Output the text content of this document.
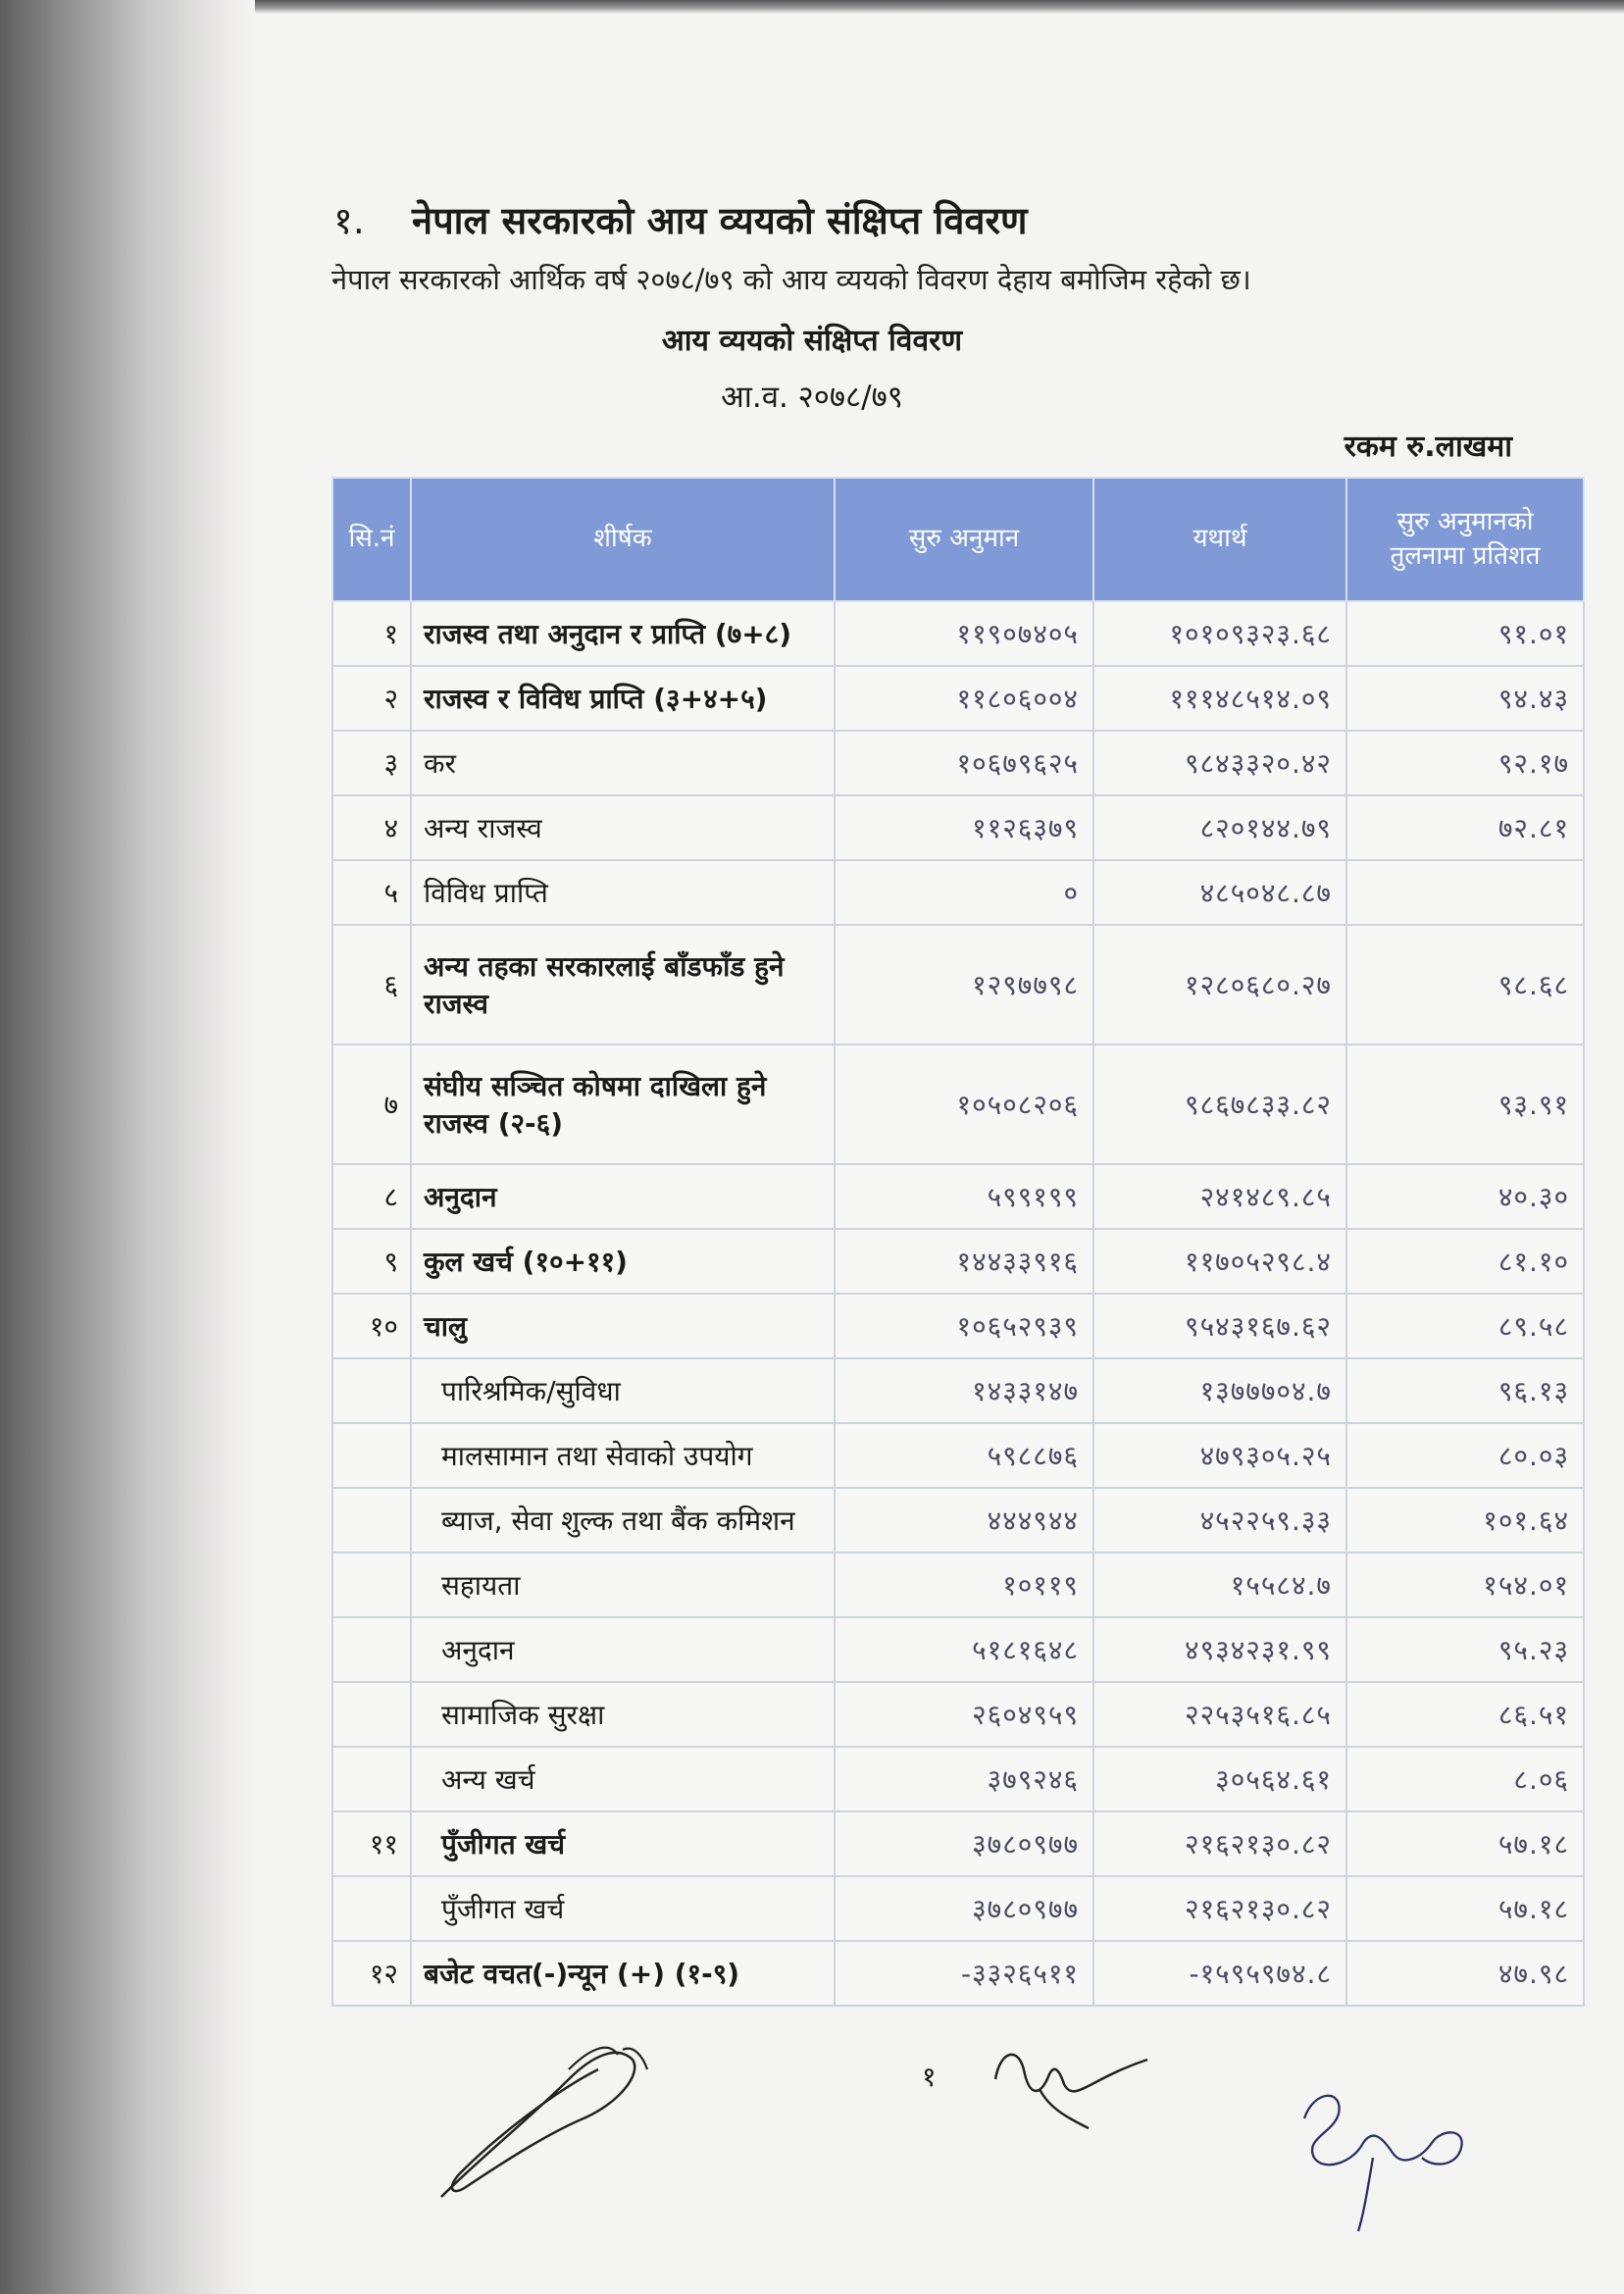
१. नेपाल सरकारको आय व्ययको संक्षिप्त विवरण
नेपाल सरकारको आर्थिक वर्ष २०७८/७९ को आय व्ययको विवरण देहाय बमोजिम रहेको छ।
आय व्ययको संक्षिप्त विवरण
आ.व. २०७८/७९
रकम रु.लाखमा
सि.नं	शीर्षक	सुरु अनुमान	यथार्थ	सुरु अनुमानको
तुलनामा प्रतिशत
१	राजस्व तथा अनुदान र प्राप्ति (७+८)	११९०७४०५	१०१०९३२३.६८	९१.०१
२	राजस्व र विविध प्राप्ति (३+४+५)	११८०६००४	१११४८५१४.०९	९४.४३
३	कर	१०६७९६२५	९८४३३२०.४२	९२.१७
४	अन्य राजस्व	११२६३७९	८२०१४४.७९	७२.८१
५	विविध प्राप्ति	०	४८५०४८.८७	
६	अन्य तहका सरकारलाई बाँडफाँड हुने
राजस्व	१२९७७९८	१२८०६८०.२७	९८.६८
७	संघीय सञ्चित कोषमा दाखिला हुने
राजस्व (२-६)	१०५०८२०६	९८६७८३३.८२	९३.९१
८	अनुदान	५९९१९९	२४१४८९.८५	४०.३०
९	कुल खर्च (१०+११)	१४४३३९१६	११७०५२९८.४	८१.१०
१०	चालु	१०६५२९३९	९५४३१६७.६२	८९.५८
	पारिश्रमिक/सुविधा	१४३३१४७	१३७७७०४.७	९६.१३
	मालसामान तथा सेवाको उपयोग	५९८८७६	४७९३०५.२५	८०.०३
	ब्याज, सेवा शुल्क तथा बैंक कमिशन	४४४९४४	४५२२५९.३३	१०१.६४
	सहायता	१०११९	१५५८४.७	१५४.०१
	अनुदान	५१८१६४८	४९३४२३१.९९	९५.२३
	सामाजिक सुरक्षा	२६०४९५९	२२५३५१६.८५	८६.५१
	अन्य खर्च	३७९२४६	३०५६४.६१	८.०६
११	पुँजीगत खर्च	३७८०९७७	२१६२१३०.८२	५७.१८
	पुँजीगत खर्च	३७८०९७७	२१६२१३०.८२	५७.१८
१२	बजेट वचत(-)न्यून (+) (१-९)	-३३२६५११	-१५९५९७४.८	४७.९८
१
